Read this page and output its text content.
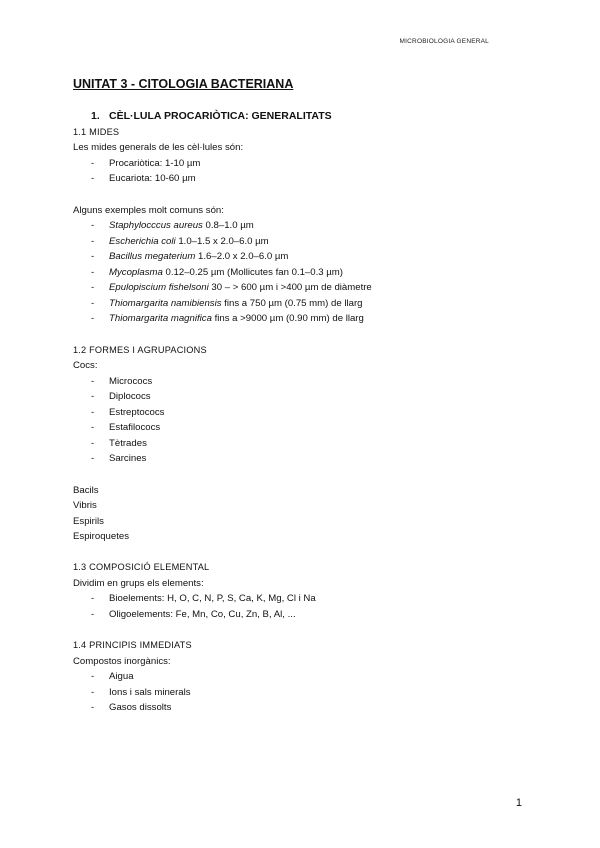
MICROBIOLOGIA GENERAL
UNITAT 3 - CITOLOGIA BACTERIANA
1. CÈL·LULA PROCARIÒTICA: GENERALITATS
1.1 MIDES
Les mides generals de les cèl·lules són:
- Procariòtica: 1-10 µm
- Eucariota: 10-60 µm
Alguns exemples molt comuns són:
- Staphylocccus aureus 0.8–1.0 µm
- Escherichia coli 1.0–1.5 x 2.0–6.0 µm
- Bacillus megaterium 1.6–2.0 x 2.0–6.0 µm
- Mycoplasma 0.12–0.25 µm (Mollicutes fan 0.1–0.3 µm)
- Epulopiscium fishelsoni 30 – > 600 µm i >400 µm de diàmetre
- Thiomargarita namibiensis fins a 750 µm (0.75 mm) de llarg
- Thiomargarita magnifica fins a >9000 µm (0.90 mm) de llarg
1.2 FORMES I AGRUPACIONS
Cocs:
- Micrococs
- Diplococs
- Estreptococs
- Estafilococs
- Tètrades
- Sarcines
Bacils
Vibris
Espirils
Espiroquetes
1.3 COMPOSICIÓ ELEMENTAL
Dividim en grups els elements:
- Bioelements: H, O, C, N, P, S, Ca, K, Mg, Cl i Na
- Oligoelements: Fe, Mn, Co, Cu, Zn, B, Al, ...
1.4 PRINCIPIS IMMEDIATS
Compostos inorgànics:
- Aigua
- Ions i sals minerals
- Gasos dissolts
1
